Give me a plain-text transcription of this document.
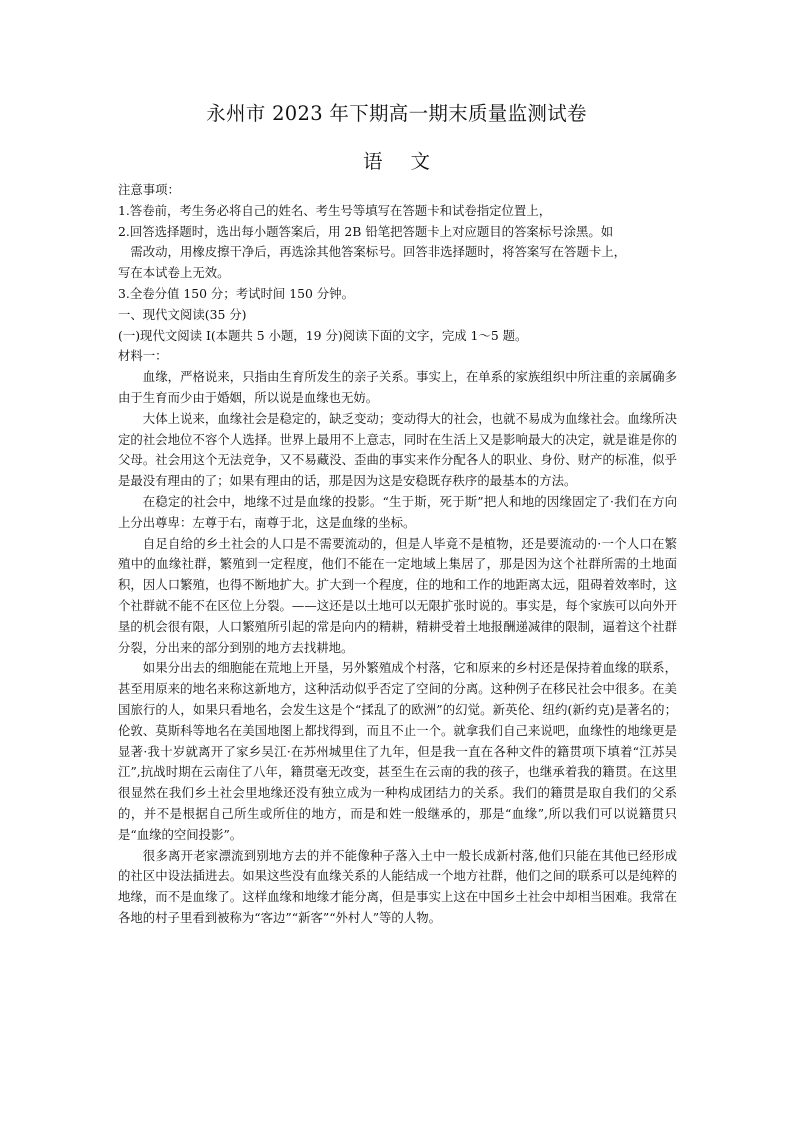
永州市 2023 年下期高一期末质量监测试卷
语文

注意事项：

1.答卷前，考生务必将自己的姓名、考生号等填写在答题卡和试卷指定位置上，

2.回答选择题时，选出每小题答案后，用 2B 铅笔把答题卡上对应题目的答案标号涂黑。如

需改动，用橡皮擦干净后，再选涂其他答案标号。回答非选择题时，将答案写在答题卡上，

写在本试卷上无效。

3.全卷分值 150 分；考试时间 150 分钟。

一、现代文阅读(35 分)

(一)现代文阅读 I(本题共 5 小题，19 分)阅读下面的文字，完成 1～5 题。

材料一：

血缘，严格说来，只指由生育所发生的亲子关系。事实上，在单系的家族组织中所注重的亲属确多由于生育而少由于婚姻，所以说是血缘也无妨。

大体上说来，血缘社会是稳定的，缺乏变动；变动得大的社会，也就不易成为血缘社会。血缘所决定的社会地位不容个人选择。世界上最用不上意志，同时在生活上又是影响最大的决定，就是谁是你的父母。社会用这个无法竞争，又不易藏没、歪曲的事实来作分配各人的职业、身份、财产的标准，似乎是最没有理由的了；如果有理由的话，那是因为这是安稳既存秩序的最基本的方法。

在稳定的社会中，地缘不过是血缘的投影。“生于斯，死于斯”把人和地的因缘固定了·我们在方向上分出尊卑：左尊于右，南尊于北，这是血缘的坐标。

自足自给的乡土社会的人口是不需要流动的，但是人毕竟不是植物，还是要流动的·一个人口在繁殖中的血缘社群，繁殖到一定程度，他们不能在一定地域上集居了，那是因为这个社群所需的土地面积，因人口繁殖，也得不断地扩大。扩大到一个程度，住的地和工作的地距离太远，阻碍着效率时，这个社群就不能不在区位上分裂。——这还是以土地可以无限扩张时说的。事实是，每个家族可以向外开垦的机会很有限，人口繁殖所引起的常是向内的精耕，精耕受着土地报酬递减律的限制，逼着这个社群分裂，分出来的部分到别的地方去找耕地。

如果分出去的细胞能在荒地上开垦，另外繁殖成个村落，它和原来的乡村还是保持着血缘的联系，甚至用原来的地名来称这新地方，这种活动似乎否定了空间的分离。这种例子在移民社会中很多。在美国旅行的人，如果只看地名，会发生这是个“揉乱了的欧洲”的幻觉。新英伦、纽约(新约克)是著名的；伦敦、莫斯科等地名在美国地图上都找得到，而且不止一个。就拿我们自己来说吧，血缘性的地缘更是显著·我十岁就离开了家乡吴江·在苏州城里住了九年，但是我一直在各种文件的籍贯项下填着“江苏吴江”,抗战时期在云南住了八年，籍贯毫无改变，甚至生在云南的我的孩子，也继承着我的籍贯。在这里很显然在我们乡土社会里地缘还没有独立成为一种构成团结力的关系。我们的籍贯是取自我们的父系的，并不是根据自己所生或所住的地方，而是和姓一般继承的，那是“血缘”,所以我们可以说籍贯只是“血缘的空间投影”。

很多离开老家漂流到别地方去的并不能像种子落入土中一般长成新村落,他们只能在其他已经形成的社区中设法插进去。如果这些没有血缘关系的人能结成一个地方社群，他们之间的联系可以是纯粹的地缘，而不是血缘了。这样血缘和地缘才能分离，但是事实上这在中国乡土社会中却相当困难。我常在各地的村子里看到被称为“客边”“新客”“外村人”等的人物。
